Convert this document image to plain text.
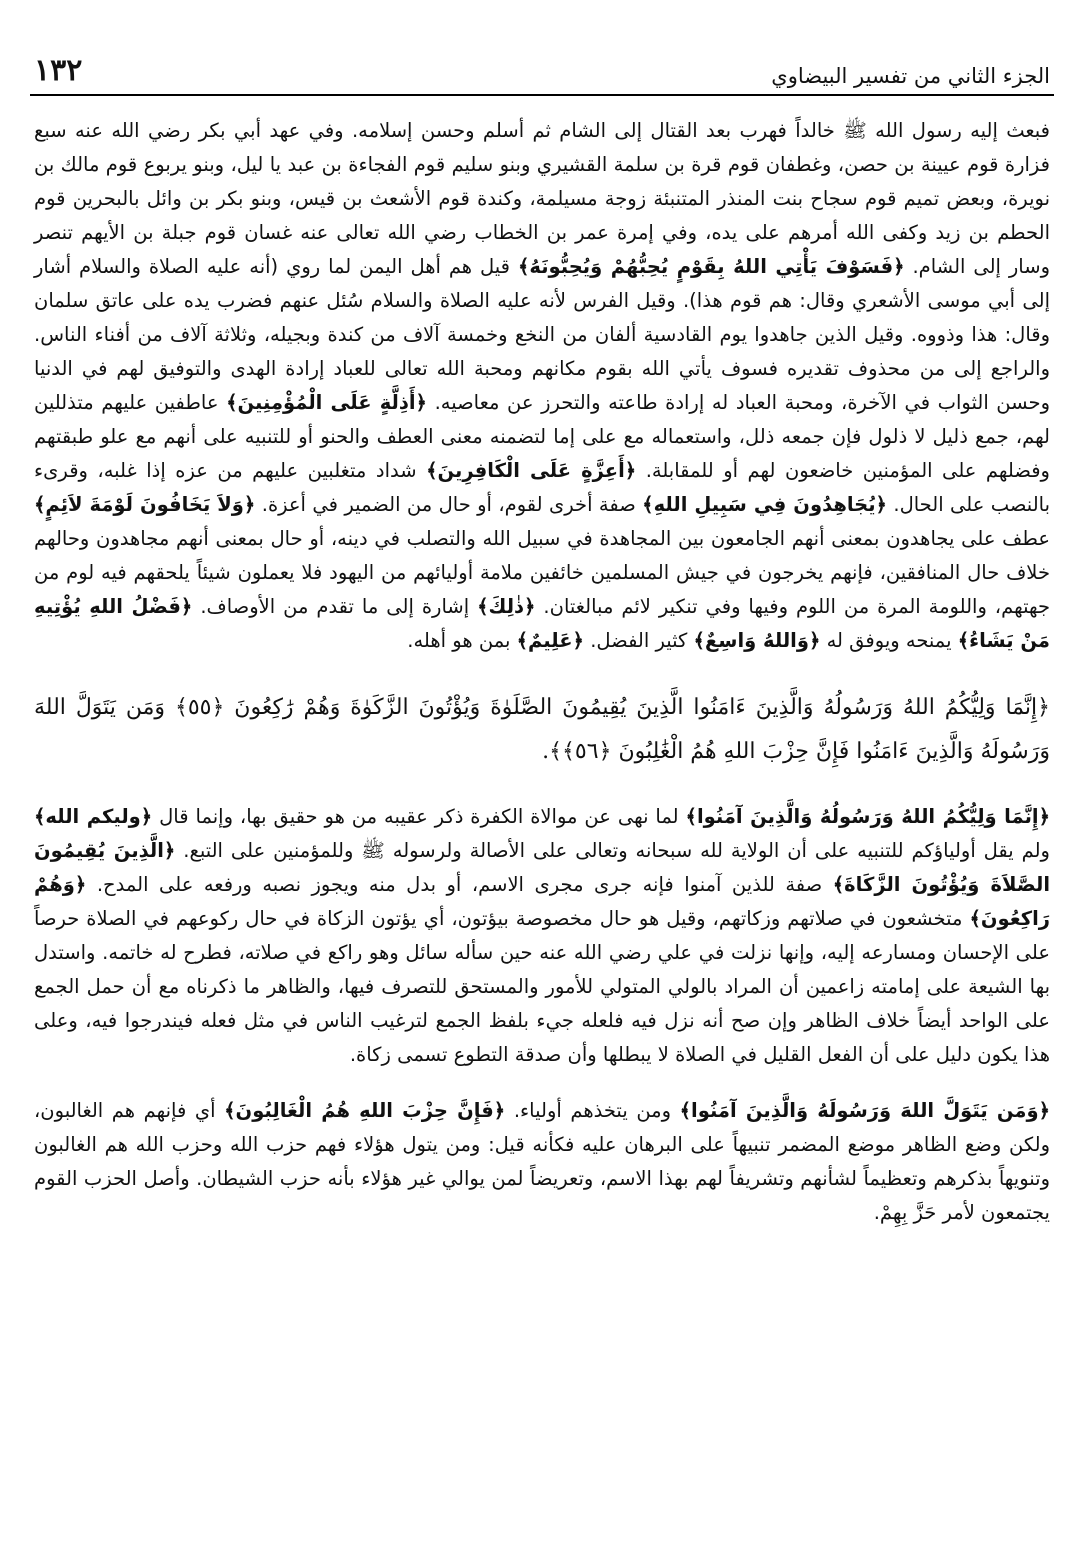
الجزء الثاني من تفسير البيضاوي
١٣٢

فبعث إليه رسول الله ﷺ خالداً فهرب بعد القتال إلى الشام ثم أسلم وحسن إسلامه. وفي عهد أبي بكر رضي الله عنه سبع فزارة قوم عيينة بن حصن، وغطفان قوم قرة بن سلمة القشيري وبنو سليم قوم الفجاءة بن عبد يا ليل، وبنو يربوع قوم مالك بن نويرة، وبعض تميم قوم سجاح بنت المنذر المتنبئة زوجة مسيلمة، وكندة قوم الأشعث بن قيس، وبنو بكر بن وائل بالبحرين قوم الحطم بن زيد وكفى الله أمرهم على يده، وفي إمرة عمر بن الخطاب رضي الله تعالى عنه غسان قوم جبلة بن الأيهم تنصر وسار إلى الشام. ﴿فَسَوْفَ يَأْتِي اللهُ بِقَوْمٍ يُحِبُّهُمْ وَيُحِبُّونَهُ﴾ قيل هم أهل اليمن لما روي (أنه عليه الصلاة والسلام أشار إلى أبي موسى الأشعري وقال: هم قوم هذا). وقيل الفرس لأنه عليه الصلاة والسلام سُئل عنهم فضرب يده على عاتق سلمان وقال: هذا وذووه. وقيل الذين جاهدوا يوم القادسية ألفان من النخع وخمسة آلاف من كندة وبجيله، وثلاثة آلاف من أفناء الناس. والراجع إلى من محذوف تقديره فسوف يأتي الله بقوم مكانهم ومحبة الله تعالى للعباد إرادة الهدى والتوفيق لهم في الدنيا وحسن الثواب في الآخرة، ومحبة العباد له إرادة طاعته والتحرز عن معاصيه. ﴿أَذِلَّةٍ عَلَى الْمُؤْمِنِينَ﴾ عاطفين عليهم متذللين لهم، جمع ذليل لا ذلول فإن جمعه ذلل، واستعماله مع على إما لتضمنه معنى العطف والحنو أو للتنبيه على أنهم مع علو طبقتهم وفضلهم على المؤمنين خاضعون لهم أو للمقابلة. ﴿أَعِزَّةٍ عَلَى الْكَافِرِينَ﴾ شداد متغلبين عليهم من عزه إذا غلبه، وقرىء بالنصب على الحال. ﴿يُجَاهِدُونَ فِي سَبِيلِ اللهِ﴾ صفة أخرى لقوم، أو حال من الضمير في أعزة. ﴿وَلاَ يَخَافُونَ لَوْمَةَ لاَئِمٍ﴾ عطف على يجاهدون بمعنى أنهم الجامعون بين المجاهدة في سبيل الله والتصلب في دينه، أو حال بمعنى أنهم مجاهدون وحالهم خلاف حال المنافقين، فإنهم يخرجون في جيش المسلمين خائفين ملامة أوليائهم من اليهود فلا يعملون شيئاً يلحقهم فيه لوم من جهتهم، واللومة المرة من اللوم وفيها وفي تنكير لائم مبالغتان. ﴿ذٰلِكَ﴾ إشارة إلى ما تقدم من الأوصاف. ﴿فَضْلُ اللهِ يُؤْتِيهِ مَنْ يَشَاءُ﴾ يمنحه ويوفق له ﴿وَاللهُ وَاسِعٌ﴾ كثير الفضل. ﴿عَلِيمٌ﴾ بمن هو أهله.

﴿إِنَّمَا وَلِيُّكُمُ اللهُ وَرَسُولُهُ وَالَّذِينَ ءَامَنُوا الَّذِينَ يُقِيمُونَ الصَّلَوٰةَ وَيُؤْتُونَ الزَّكَوٰةَ وَهُمْ رَٰكِعُونَ ﴿٥٥﴾ وَمَن يَتَوَلَّ اللهَ وَرَسُولَهُ وَالَّذِينَ ءَامَنُوا فَإِنَّ حِزْبَ اللهِ هُمُ الْغَٰلِبُونَ ﴿٥٦﴾﴾.

﴿إِنَّمَا وَلِيُّكُمُ اللهُ وَرَسُولُهُ وَالَّذِينَ آمَنُوا﴾ لما نهى عن موالاة الكفرة ذكر عقيبه من هو حقيق بها، وإنما قال ﴿وليكم الله﴾ ولم يقل أولياؤكم للتنبيه على أن الولاية لله سبحانه وتعالى على الأصالة ولرسوله ﷺ وللمؤمنين على التبع. ﴿الَّذِينَ يُقِيمُونَ الصَّلاَةَ وَيُؤْتُونَ الزَّكَاةَ﴾ صفة للذين آمنوا فإنه جرى مجرى الاسم، أو بدل منه ويجوز نصبه ورفعه على المدح. ﴿وَهُمْ رَاكِعُونَ﴾ متخشعون في صلاتهم وزكاتهم، وقيل هو حال مخصوصة بيؤتون، أي يؤتون الزكاة في حال ركوعهم في الصلاة حرصاً على الإحسان ومسارعه إليه، وإنها نزلت في علي رضي الله عنه حين سأله سائل وهو راكع في صلاته، فطرح له خاتمه. واستدل بها الشيعة على إمامته زاعمين أن المراد بالولي المتولي للأمور والمستحق للتصرف فيها، والظاهر ما ذكرناه مع أن حمل الجمع على الواحد أيضاً خلاف الظاهر وإن صح أنه نزل فيه فلعله جيء بلفظ الجمع لترغيب الناس في مثل فعله فيندرجوا فيه، وعلى هذا يكون دليل على أن الفعل القليل في الصلاة لا يبطلها وأن صدقة التطوع تسمى زكاة.

﴿وَمَن يَتَوَلَّ اللهَ وَرَسُولَهُ وَالَّذِينَ آمَنُوا﴾ ومن يتخذهم أولياء. ﴿فَإِنَّ حِزْبَ اللهِ هُمُ الْغَالِبُونَ﴾ أي فإنهم هم الغالبون، ولكن وضع الظاهر موضع المضمر تنبيهاً على البرهان عليه فكأنه قيل: ومن يتول هؤلاء فهم حزب الله وحزب الله هم الغالبون وتنويهاً بذكرهم وتعظيماً لشأنهم وتشريفاً لهم بهذا الاسم، وتعريضاً لمن يوالي غير هؤلاء بأنه حزب الشيطان. وأصل الحزب القوم يجتمعون لأمر حَزَّ بِهِمْ.
